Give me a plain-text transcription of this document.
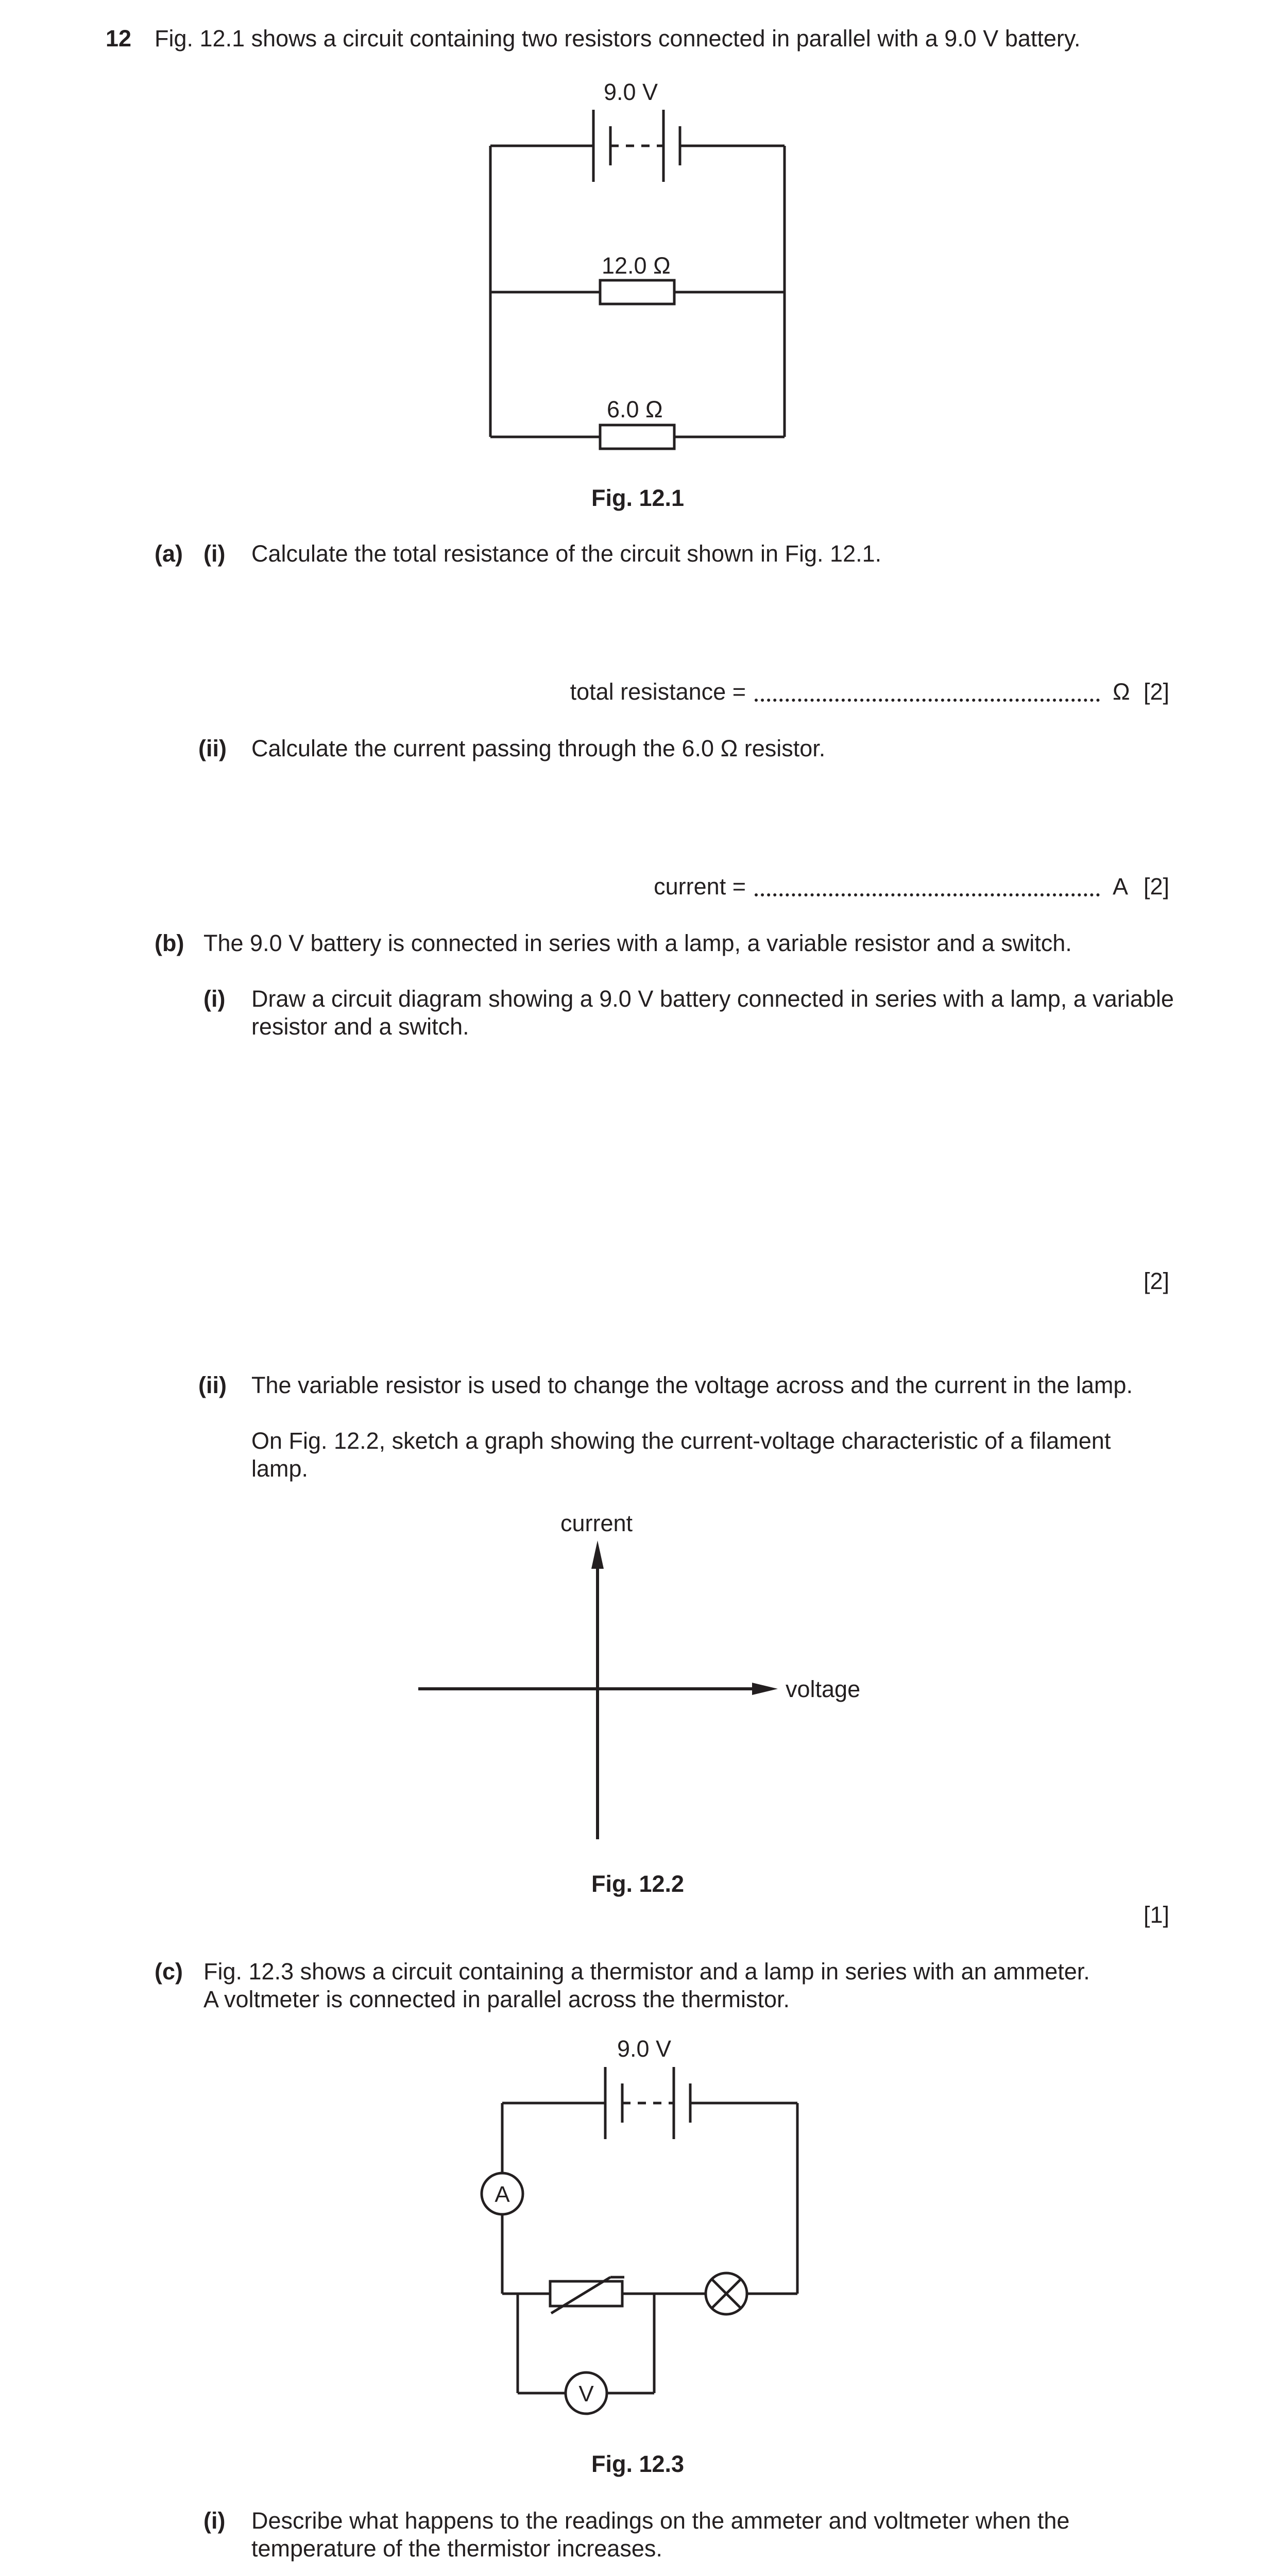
12 Fig. 12.1 shows a circuit containing two resistors connected in parallel with a 9.0 V battery.
9.0 V
12.0 Ω
6.0 Ω
Fig. 12.1
(a) (i) Calculate the total resistance of the circuit shown in Fig. 12.1.
total resistance =	Ω [2]
(ii) Calculate the current passing through the 6.0 Ω resistor.
current =	A [2]
(b) The 9.0 V battery is connected in series with a lamp, a variable resistor and a switch.
(i) Draw a circuit diagram showing a 9.0 V battery connected in series with a lamp, a variable
resistor and a switch.
[2]
(ii) The variable resistor is used to change the voltage across and the current in the lamp.
On Fig. 12.2, sketch a graph showing the current-voltage characteristic of a filament
lamp.
current
voltage
Fig. 12.2
[1]
(c) Fig. 12.3 shows a circuit containing a thermistor and a lamp in series with an ammeter.
A voltmeter is connected in parallel across the thermistor.
A
V
9.0 V
Fig. 12.3
(i) Describe what happens to the readings on the ammeter and voltmeter when the
temperature of the thermistor increases.
